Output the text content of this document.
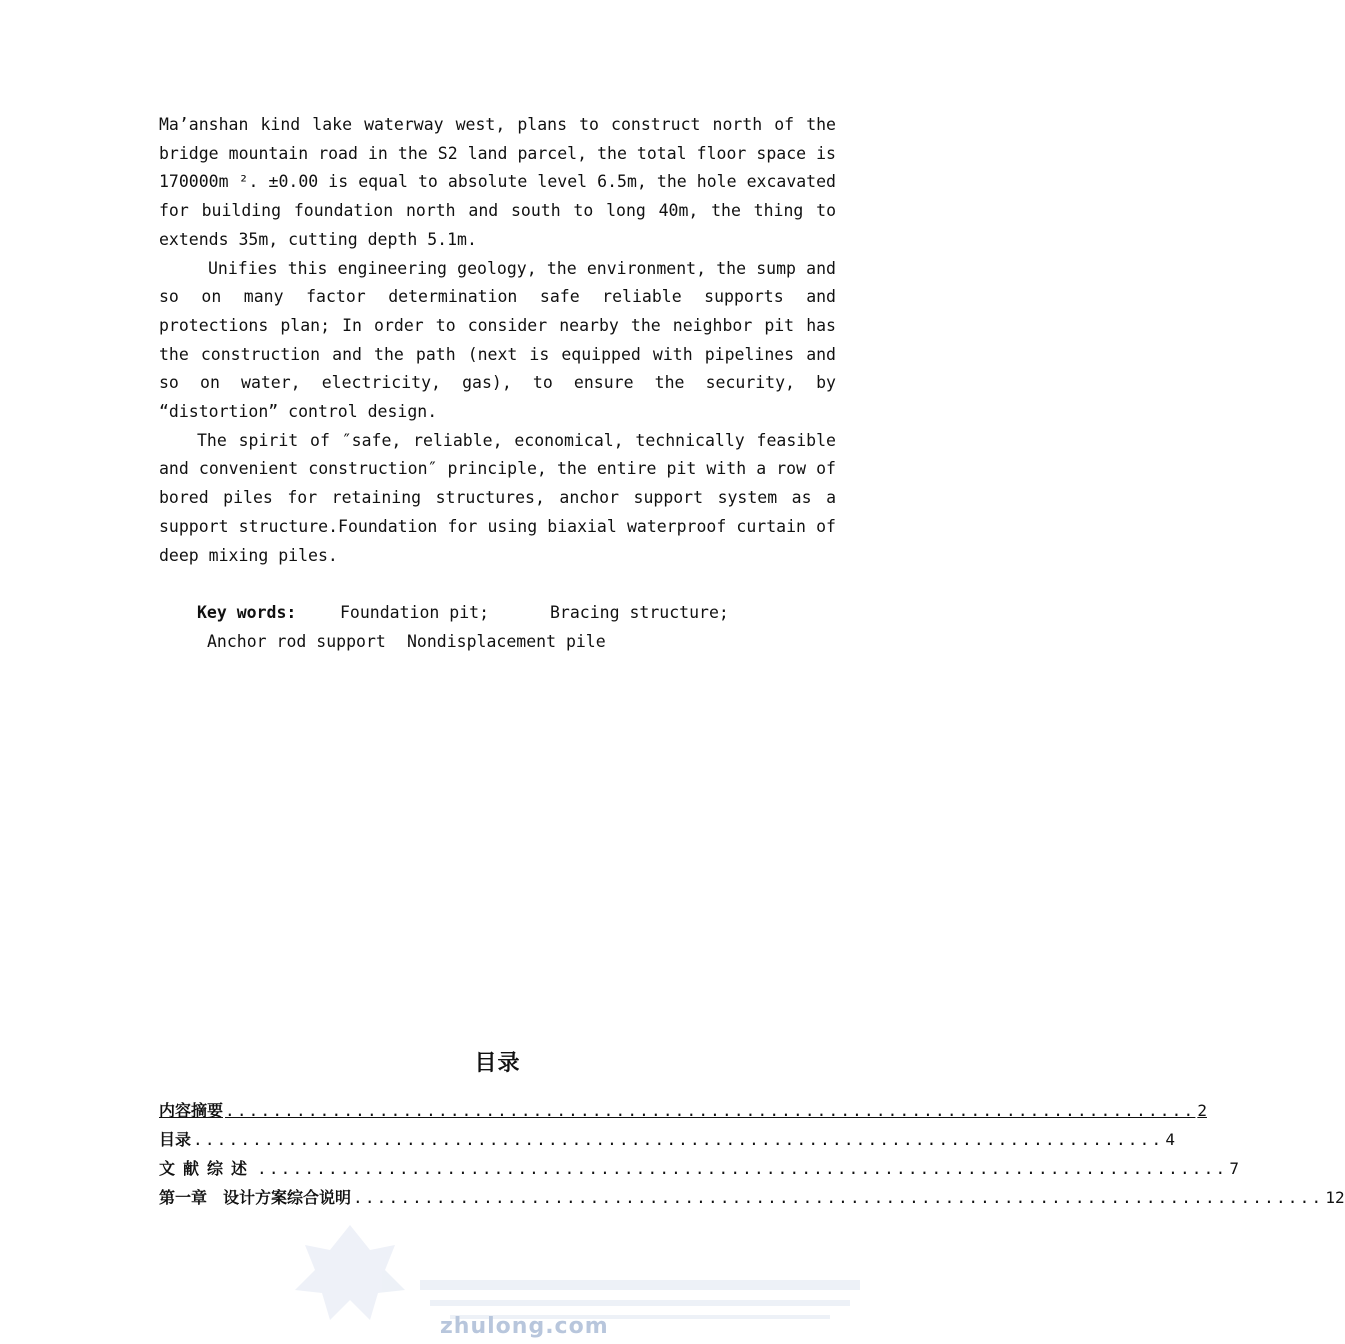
Ma’anshan kind lake waterway west, plans to construct north of the bridge mountain road in the S2 land parcel, the total floor space is 170000m ². ±0.00 is equal to absolute level 6.5m, the hole excavated for building foundation north and south to long 40m, the thing to extends 35m, cutting depth 5.1m.

Unifies this engineering geology, the environment, the sump and so on many factor determination safe reliable supports and protections plan; In order to consider nearby the neighbor pit has the construction and the path (next is equipped with pipelines and so on water, electricity, gas), to ensure the security, by “distortion” control design.

The spirit of ″safe, reliable, economical, technically feasible and convenient construction″ principle, the entire pit with a row of bored piles for retaining structures, anchor support system as a support structure.Foundation for using biaxial waterproof curtain of deep mixing piles.

Key words:	Foundation pit;	Bracing structure;
Anchor rod support Nondisplacement pile
目录
内容摘要 .................................................................................. 2
目录 .................................................................................. 4
文献综述 .................................................................................. 7
第一章　设计方案综合说明 .................................................................................. 12
zhulong.com
